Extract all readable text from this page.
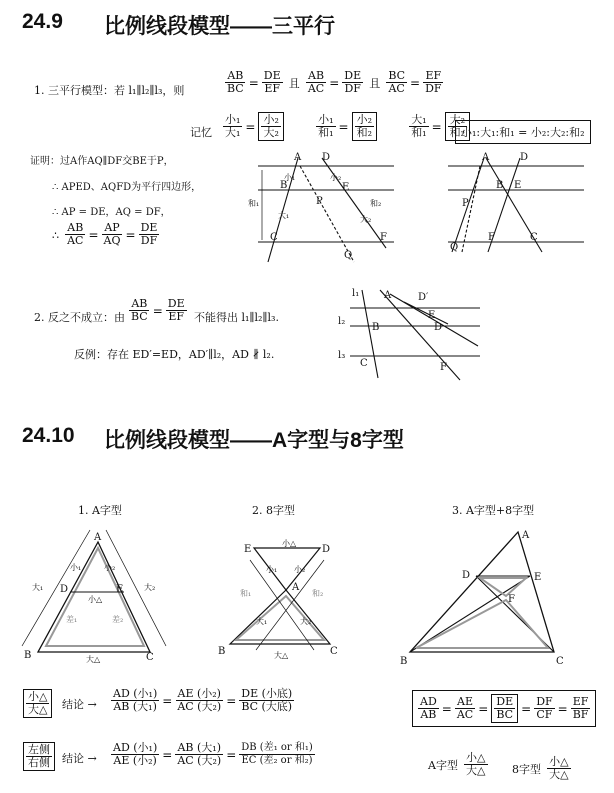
24.9 比例线段模型——三平行
1. 三平行模型：若 l₁∥l₂∥l₃，则	$\frac{AB}{BC} = \frac{DE}{EF}$ 且 $\frac{AB}{AC} = \frac{DE}{DF}$ 且 $\frac{BC}{AC} = \frac{EF}{DF}$
记忆 $\frac{\text{小₁}}{\text{大₁}} = \frac{\text{小₂}}{\text{大₂}}$
	$\frac{\text{小₁}}{\text{和₁}} = \frac{\text{小₂}}{\text{和₂}}$
	$\frac{\text{大₁}}{\text{和₁}} = \frac{\text{大₂}}{\text{和₂}}$
小₁:大₁:和₁ = 小₂:大₂:和₂
证明：过A作AQ∥DF交BE于P，
∴ APED、AQFD为平行四边形，
∴ AP = DE，AQ = DF，
∴ $\frac{AB}{AC} = \frac{AP}{AQ} = \frac{DE}{DF}$
2. 反之不成立：由 $\frac{AB}{BC} = \frac{DE}{EF}$ 不能得出 l₁∥l₂∥l₃.
反例：存在 ED′=ED，AD′∥l₂，AD ∦ l₂.
24.10 比例线段模型——A字型与8字型
1. A字型	2. 8字型	3. A字型+8字型
$\frac{\text{小△}}{\text{大△}}$ 结论 → $\frac{\text{AD (小₁)}}{\text{AB (大₁)}} = \frac{\text{AE (小₂)}}{\text{AC (大₂)}} = \frac{\text{DE (小底)}}{\text{BC (大底)}}$
$\frac{\text{左侧}}{\text{右侧}}$ 结论 → $\frac{\text{AD (小₁)}}{\text{AE (小₂)}} = \frac{\text{AB (大₁)}}{\text{AC (大₂)}} = \frac{\text{DB (差₁ or 和₁)}}{\text{EC (差₂ or 和₂)}}$
$\frac{AD}{AB} = \frac{AE}{AC} = \frac{DE}{BC} = \frac{DF}{CF} = \frac{EF}{BF}$
A字型 $\frac{\text{小△}}{\text{大△}} 8$字型 $\frac{\text{小△}}{\text{大△}}$
A D
B	E
C	F
P
Q
小₁	小₂
大₁	大₂
和₁	和₂
A	D
B E
C
F
P
Q
l₁
l₂
l₃
A	D′
B
E
D
C	F
A
B	C
D	E
小₁	小₂
小△
大₁	大₂
大△
差₁	差₂
E	D
A
B	C
小△
小₁ 小₂
大₁	大₂
大△
和₁	和₂
A
B	C
D	E
F
